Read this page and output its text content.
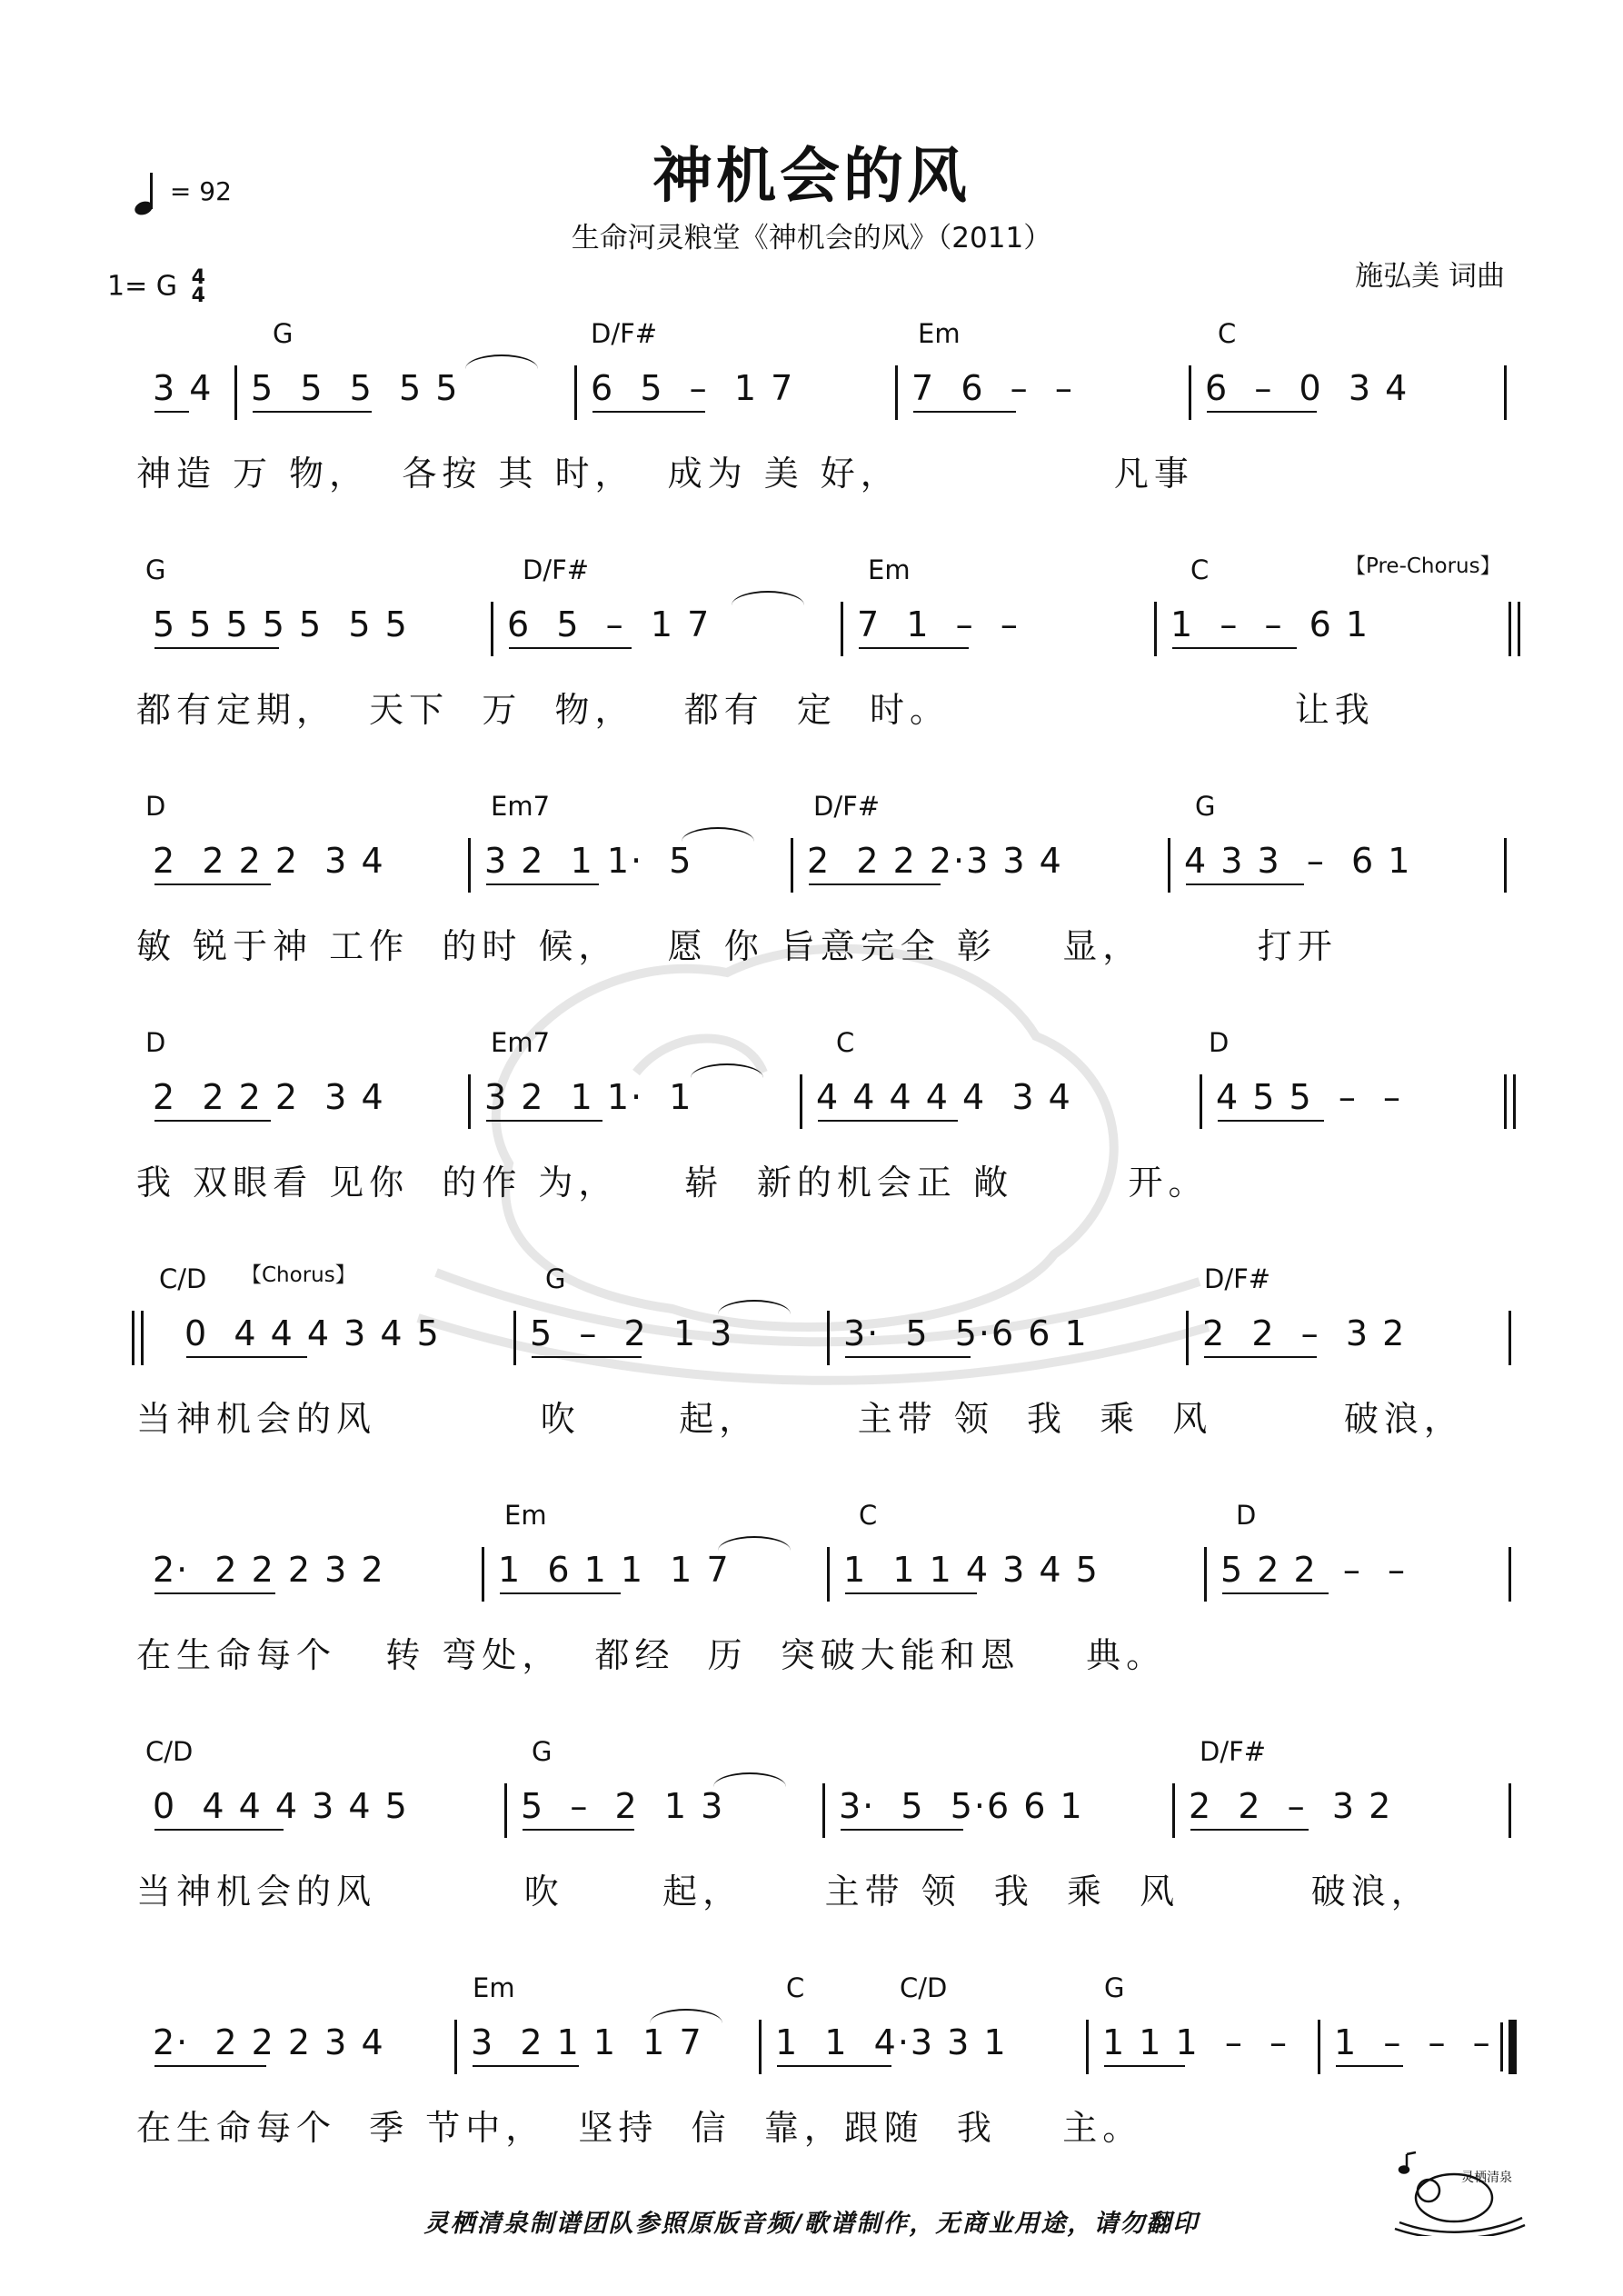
= 92	神机会的风
生命河灵粮堂《神机会的风》（2011）
1= G 4
4
施弘美 词曲
G	D/F#	Em	C
3 4	5  5  5  5 5	6  5  –  1 7	7  6  –  –	6  –  0  3 4
神造 万 物，  各按 其 时，  成为 美 好，             凡事
G	D/F#	Em	C	【Pre-Chorus】
5 5 5 5 5  5 5	6  5  –  1 7	7  1  –  –	1  –  –  6 1
都有定期，  天下  万  物，   都有  定  时。                     让我
D	Em7	D/F#	G
2  2 2 2  3 4	3 2  1 1·  5	2  2 2 2·3 3 4	4 3 3  –  6 1
敏 锐于神 工作  的时 候，   愿 你 旨意完全 彰    显，       打开
D	Em7	C	D
2  2 2 2  3 4	3 2  1 1·  1	4 4 4 4 4  3 4	4 5 5  –  –
我 双眼看 见你  的作 为，    崭  新的机会正 敞       开。
C/D	G	D/F#
【Chorus】
0  4 4 4 3 4 5	5  –  2  1 3	3·  5  5·6 6 1	2  2  –  3 2
当神机会的风          吹      起，      主带 领  我  乘  风        破浪，
Em	C	D
2·  2 2 2 3 2	1  6 1 1  1 7	1  1 1 4 3 4 5	5 2 2  –  –
在生命每个   转 弯处，  都经  历  突破大能和恩    典。
C/D	G	D/F#
0  4 4 4 3 4 5	5  –  2  1 3	3·  5  5·6 6 1	2  2  –  3 2
当神机会的风         吹      起，     主带 领  我  乘  风        破浪，
Em	C	C/D	G
2·  2 2 2 3 4	3  2 1 1  1 7	1  1  4·3 3 1	1 1 1  –  –	1  –  –  –
在生命每个  季 节中，  坚持  信  靠，跟随  我    主。
灵栖清泉制谱团队参照原版音频/歌谱制作，无商业用途，请勿翻印
灵栖清泉
